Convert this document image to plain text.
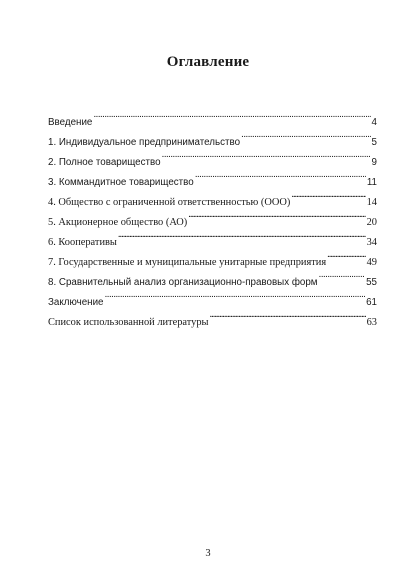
Оглавление
Введение . . .	4
1. Индивидуальное предпринимательство . . .	5
2. Полное товарищество . . .	9
3. Коммандитное товарищество . . .	11
4. Общество с ограниченной ответственностью (ООО) . . .	14
5. Акционерное общество (АО) . . .	20
6. Кооперативы . . .	34
7. Государственные и муниципальные унитарные предприятия . . .	49
8. Сравнительный анализ организационно-правовых форм . . .	55
Заключение . . .	61
Список использованной литературы . . .	63
3
